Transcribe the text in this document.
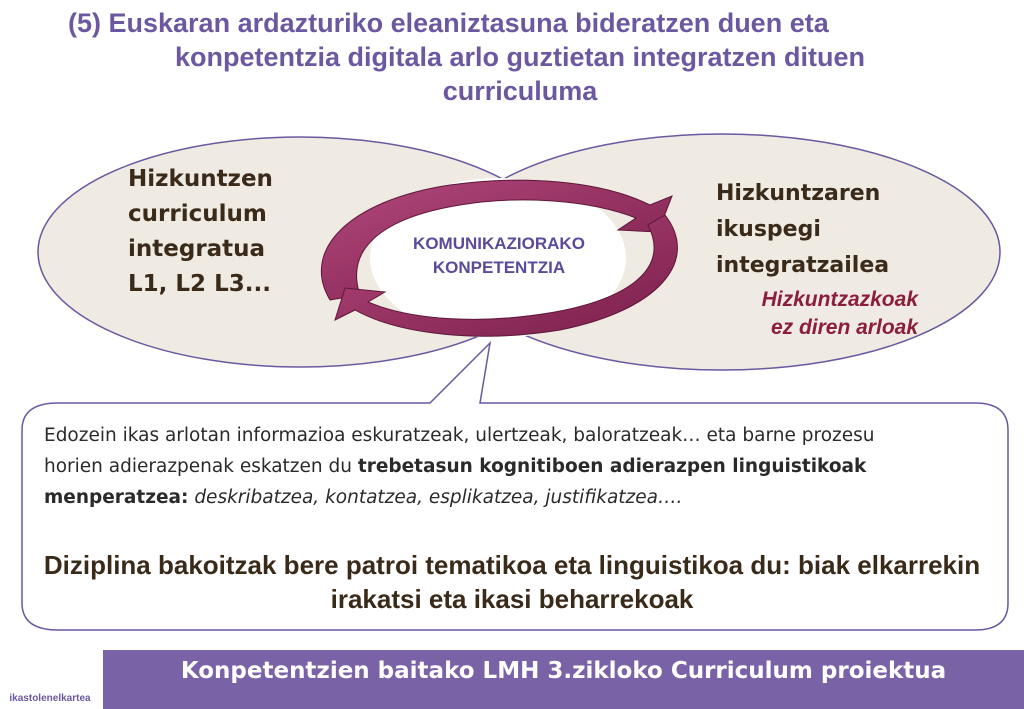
(5) Euskaran ardazturiko eleaniztasuna bideratzen duen eta
konpetentzia digitala arlo guztietan integratzen dituen
curriculuma
Hizkuntzen
curriculum
integratua
L1, L2 L3...
KOMUNIKAZIORAKO
KONPETENTZIA
Hizkuntzaren
ikuspegi
integratzailea
Hizkuntzazkoak
ez diren arloak
Edozein ikas arlotan informazioa eskuratzeak, ulertzeak, baloratzeak… eta barne prozesu horien adierazpenak eskatzen du trebetasun kognitiboen adierazpen linguistikoak menperatzea: deskribatzea, kontatzea, esplikatzea, justifikatzea….
Diziplina bakoitzak bere patroi tematikoa eta linguistikoa du: biak elkarrekin irakatsi eta ikasi beharrekoak
ikastolenelkartea
Konpetentzien baitako LMH 3.zikloko Curriculum proiektua
